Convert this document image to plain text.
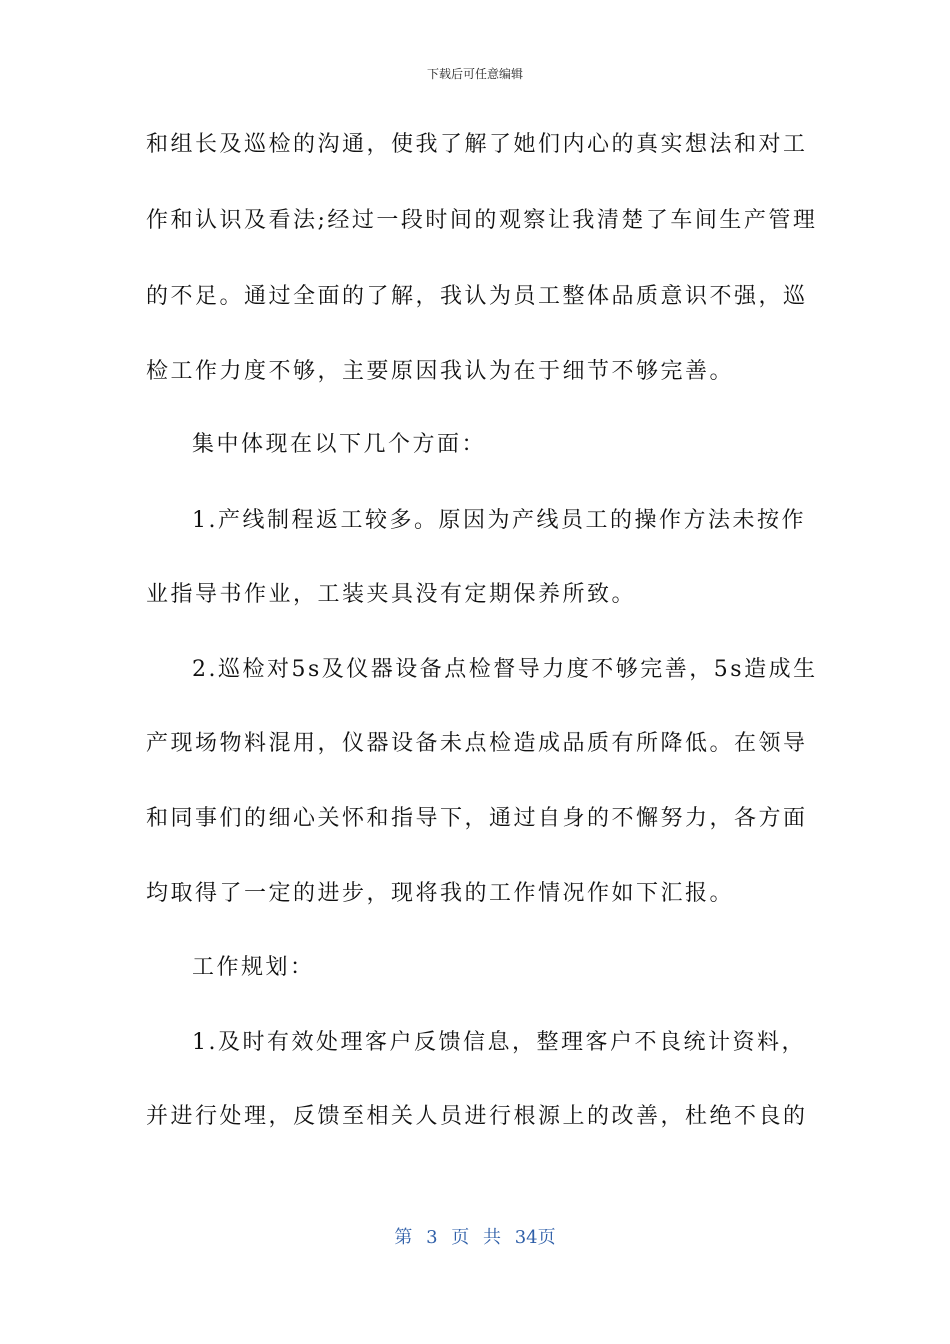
下载后可任意编辑
和组长及巡检的沟通，使我了解了她们内心的真实想法和对工
作和认识及看法;经过一段时间的观察让我清楚了车间生产管理
的不足。通过全面的了解，我认为员工整体品质意识不强，巡
检工作力度不够，主要原因我认为在于细节不够完善。
集中体现在以下几个方面：
1.产线制程返工较多。原因为产线员工的操作方法未按作
业指导书作业，工装夹具没有定期保养所致。
2.巡检对5s及仪器设备点检督导力度不够完善，5s造成生
产现场物料混用，仪器设备未点检造成品质有所降低。在领导
和同事们的细心关怀和指导下，通过自身的不懈努力，各方面
均取得了一定的进步，现将我的工作情况作如下汇报。
工作规划：
1.及时有效处理客户反馈信息，整理客户不良统计资料，
并进行处理，反馈至相关人员进行根源上的改善，杜绝不良的
第 3 页 共 34页
